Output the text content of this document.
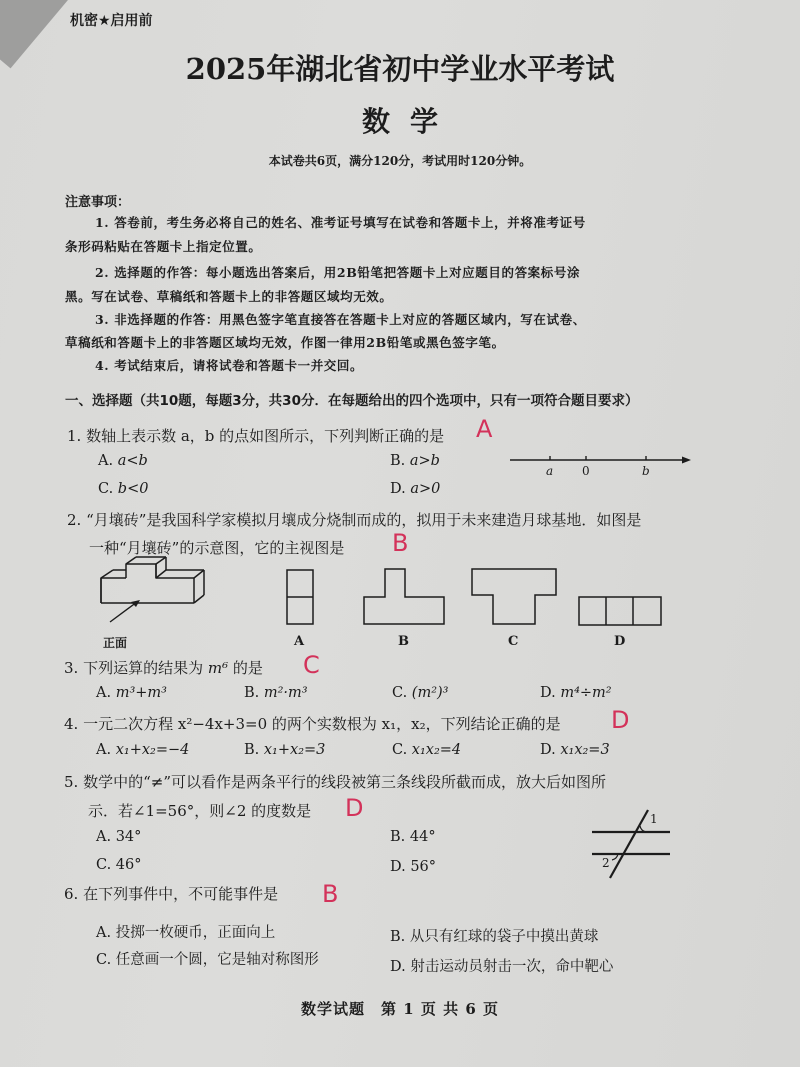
机密★启用前
2025年湖北省初中学业水平考试
数学
本试卷共6页，满分120分，考试用时120分钟。
注意事项：
1. 答卷前，考生务必将自己的姓名、准考证号填写在试卷和答题卡上，并将准考证号
条形码粘贴在答题卡上指定位置。
2. 选择题的作答：每小题选出答案后，用2B铅笔把答题卡上对应题目的答案标号涂
黑。写在试卷、草稿纸和答题卡上的非答题区域均无效。
3. 非选择题的作答：用黑色签字笔直接答在答题卡上对应的答题区域内，写在试卷、
草稿纸和答题卡上的非答题区域均无效，作图一律用2B铅笔或黑色签字笔。
4. 考试结束后，请将试卷和答题卡一并交回。
一、选择题（共10题，每题3分，共30分．在每题给出的四个选项中，只有一项符合题目要求）
1. 数轴上表示数 a，b 的点如图所示，下列判断正确的是 A
A. a<b	B. a>b
C. b<0	D. a>0
a 0	b
2. “月壤砖”是我国科学家模拟月壤成分烧制而成的，拟用于未来建造月球基地．如图是
一种“月壤砖”的示意图，它的主视图是 B
正面	A	B	C	D
3. 下列运算的结果为 m⁶ 的是 C
A. m³+m³	B. m²·m³	C. (m²)³	D. m⁴÷m²
4. 一元二次方程 x²−4x+3=0 的两个实数根为 x₁，x₂，下列结论正确的是 D
A. x₁+x₂=−4	B. x₁+x₂=3	C. x₁x₂=4	D. x₁x₂=3
5. 数学中的“≠”可以看作是两条平行的线段被第三条线段所截而成，放大后如图所
示．若∠1=56°，则∠2 的度数是 D
A. 34°	B. 44°
C. 46°	D. 56°
1
2
6. 在下列事件中，不可能事件是 B
A. 投掷一枚硬币，正面向上	B. 从只有红球的袋子中摸出黄球
C. 任意画一个圆，它是轴对称图形	D. 射击运动员射击一次，命中靶心
数学试题　第 1 页 共 6 页
